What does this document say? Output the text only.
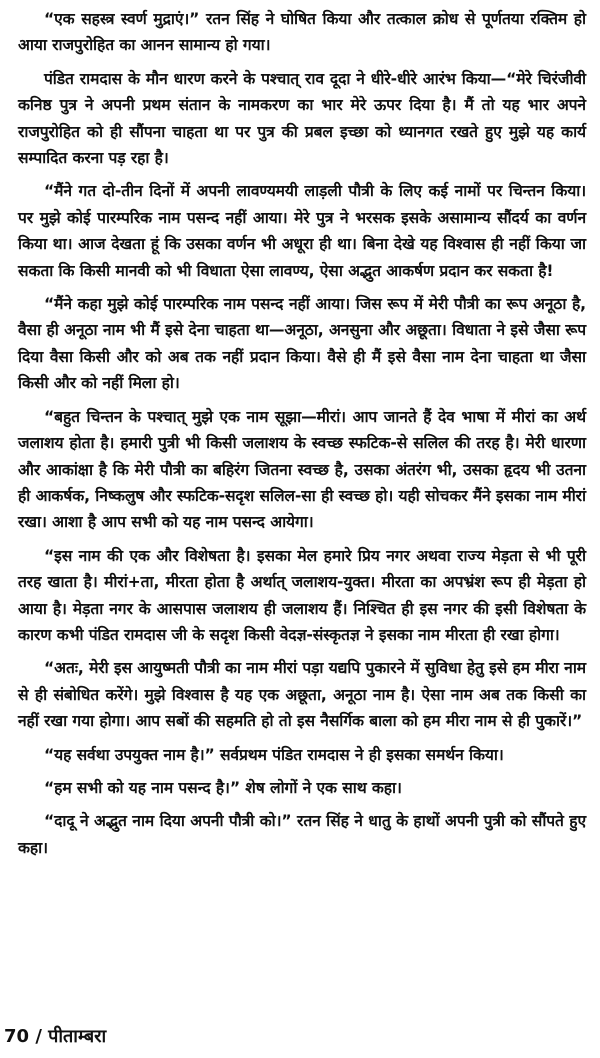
“एक सहस्त्र स्वर्ण मुद्राएं।” रतन सिंह ने घोषित किया और तत्काल क्रोध से पूर्णतया रक्तिम हो आया राजपुरोहित का आनन सामान्य हो गया।

पंडित रामदास के मौन धारण करने के पश्चात् राव दूदा ने धीरे-धीरे आरंभ किया—“मेरे चिरंजीवी कनिष्ठ पुत्र ने अपनी प्रथम संतान के नामकरण का भार मेरे ऊपर दिया है। मैं तो यह भार अपने राजपुरोहित को ही सौंपना चाहता था पर पुत्र की प्रबल इच्छा को ध्यानगत रखते हुए मुझे यह कार्य सम्पादित करना पड़ रहा है।

“मैंने गत दो-तीन दिनों में अपनी लावण्यमयी लाड़ली पौत्री के लिए कई नामों पर चिन्तन किया। पर मुझे कोई पारम्परिक नाम पसन्द नहीं आया। मेरे पुत्र ने भरसक इसके असामान्य सौंदर्य का वर्णन किया था। आज देखता हूं कि उसका वर्णन भी अधूरा ही था। बिना देखे यह विश्वास ही नहीं किया जा सकता कि किसी मानवी को भी विधाता ऐसा लावण्य, ऐसा अद्भुत आकर्षण प्रदान कर सकता है!

“मैंने कहा मुझे कोई पारम्परिक नाम पसन्द नहीं आया। जिस रूप में मेरी पौत्री का रूप अनूठा है, वैसा ही अनूठा नाम भी मैं इसे देना चाहता था—अनूठा, अनसुना और अछूता। विधाता ने इसे जैसा रूप दिया वैसा किसी और को अब तक नहीं प्रदान किया। वैसे ही मैं इसे वैसा नाम देना चाहता था जैसा किसी और को नहीं मिला हो।

“बहुत चिन्तन के पश्चात् मुझे एक नाम सूझा—मीरां। आप जानते हैं देव भाषा में मीरां का अर्थ जलाशय होता है। हमारी पुत्री भी किसी जलाशय के स्वच्छ स्फटिक-से सलिल की तरह है। मेरी धारणा और आकांक्षा है कि मेरी पौत्री का बहिरंग जितना स्वच्छ है, उसका अंतरंग भी, उसका हृदय भी उतना ही आकर्षक, निष्कलुष और स्फटिक-सदृश सलिल-सा ही स्वच्छ हो। यही सोचकर मैंने इसका नाम मीरां रखा। आशा है आप सभी को यह नाम पसन्द आयेगा।

“इस नाम की एक और विशेषता है। इसका मेल हमारे प्रिय नगर अथवा राज्य मेड़ता से भी पूरी तरह खाता है। मीरां+ता, मीरता होता है अर्थात् जलाशय-युक्त। मीरता का अपभ्रंश रूप ही मेड़ता हो आया है। मेड़ता नगर के आसपास जलाशय ही जलाशय हैं। निश्चित ही इस नगर की इसी विशेषता के कारण कभी पंडित रामदास जी के सदृश किसी वेदज्ञ-संस्कृतज्ञ ने इसका नाम मीरता ही रखा होगा।

“अतः, मेरी इस आयुष्मती पौत्री का नाम मीरां पड़ा यद्यपि पुकारने में सुविधा हेतु इसे हम मीरा नाम से ही संबोधित करेंगे। मुझे विश्वास है यह एक अछूता, अनूठा नाम है। ऐसा नाम अब तक किसी का नहीं रखा गया होगा। आप सबों की सहमति हो तो इस नैसर्गिक बाला को हम मीरा नाम से ही पुकारें।”

“यह सर्वथा उपयुक्त नाम है।” सर्वप्रथम पंडित रामदास ने ही इसका समर्थन किया।

“हम सभी को यह नाम पसन्द है।” शेष लोगों ने एक साथ कहा।

“दादू ने अद्भुत नाम दिया अपनी पौत्री को।” रतन सिंह ने धातु के हाथों अपनी पुत्री को सौंपते हुए कहा।

70 / पीताम्बरा
